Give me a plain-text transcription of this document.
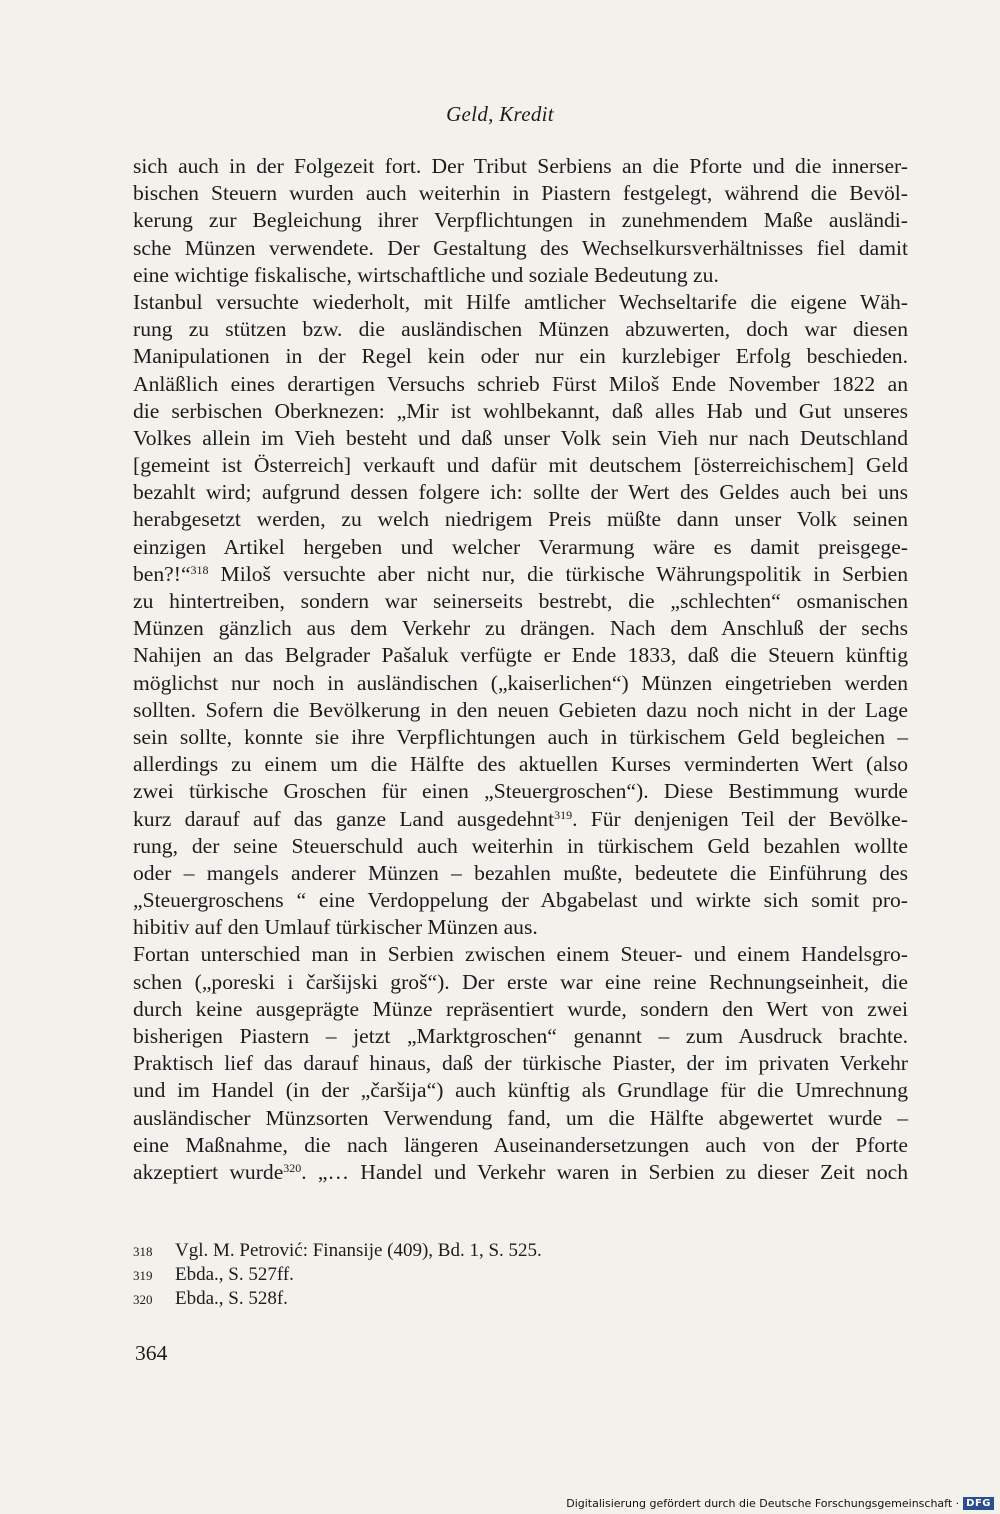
Geld, Kredit
sich auch in der Folgezeit fort. Der Tribut Serbiens an die Pforte und die innerser-
bischen Steuern wurden auch weiterhin in Piastern festgelegt, während die Bevöl-
kerung zur Begleichung ihrer Verpflichtungen in zunehmendem Maße ausländi-
sche Münzen verwendete. Der Gestaltung des Wechselkursverhältnisses fiel damit
eine wichtige fiskalische, wirtschaftliche und soziale Bedeutung zu.
Istanbul versuchte wiederholt, mit Hilfe amtlicher Wechseltarife die eigene Wäh-
rung zu stützen bzw. die ausländischen Münzen abzuwerten, doch war diesen
Manipulationen in der Regel kein oder nur ein kurzlebiger Erfolg beschieden.
Anläßlich eines derartigen Versuchs schrieb Fürst Miloš Ende November 1822 an
die serbischen Oberknezen: „Mir ist wohlbekannt, daß alles Hab und Gut unseres
Volkes allein im Vieh besteht und daß unser Volk sein Vieh nur nach Deutschland
[gemeint ist Österreich] verkauft und dafür mit deutschem [österreichischem] Geld
bezahlt wird; aufgrund dessen folgere ich: sollte der Wert des Geldes auch bei uns
herabgesetzt werden, zu welch niedrigem Preis müßte dann unser Volk seinen
einzigen Artikel hergeben und welcher Verarmung wäre es damit preisgege-
ben?!“$^{318}$ Miloš versuchte aber nicht nur, die türkische Währungspolitik in Serbien
zu hintertreiben, sondern war seinerseits bestrebt, die „schlechten“ osmanischen
Münzen gänzlich aus dem Verkehr zu drängen. Nach dem Anschluß der sechs
Nahijen an das Belgrader Pašaluk verfügte er Ende 1833, daß die Steuern künftig
möglichst nur noch in ausländischen („kaiserlichen“) Münzen eingetrieben werden
sollten. Sofern die Bevölkerung in den neuen Gebieten dazu noch nicht in der Lage
sein sollte, konnte sie ihre Verpflichtungen auch in türkischem Geld begleichen –
allerdings zu einem um die Hälfte des aktuellen Kurses verminderten Wert (also
zwei türkische Groschen für einen „Steuergroschen“). Diese Bestimmung wurde
kurz darauf auf das ganze Land ausgedehnt$^{319}$. Für denjenigen Teil der Bevölke-
rung, der seine Steuerschuld auch weiterhin in türkischem Geld bezahlen wollte
oder – mangels anderer Münzen – bezahlen mußte, bedeutete die Einführung des
„Steuergroschens “ eine Verdoppelung der Abgabelast und wirkte sich somit pro-
hibitiv auf den Umlauf türkischer Münzen aus.
Fortan unterschied man in Serbien zwischen einem Steuer- und einem Handelsgro-
schen („poreski i čaršijski groš“). Der erste war eine reine Rechnungseinheit, die
durch keine ausgeprägte Münze repräsentiert wurde, sondern den Wert von zwei
bisherigen Piastern – jetzt „Marktgroschen“ genannt – zum Ausdruck brachte.
Praktisch lief das darauf hinaus, daß der türkische Piaster, der im privaten Verkehr
und im Handel (in der „čaršija“) auch künftig als Grundlage für die Umrechnung
ausländischer Münzsorten Verwendung fand, um die Hälfte abgewertet wurde –
eine Maßnahme, die nach längeren Auseinandersetzungen auch von der Pforte
akzeptiert wurde$^{320}$. „… Handel und Verkehr waren in Serbien zu dieser Zeit noch
318	Vgl. M. Petrović: Finansije (409), Bd. 1, S. 525.
319	Ebda., S. 527ff.
320	Ebda., S. 528f.
364
Digitalisierung gefördert durch die Deutsche Forschungsgemeinschaft · DFG
